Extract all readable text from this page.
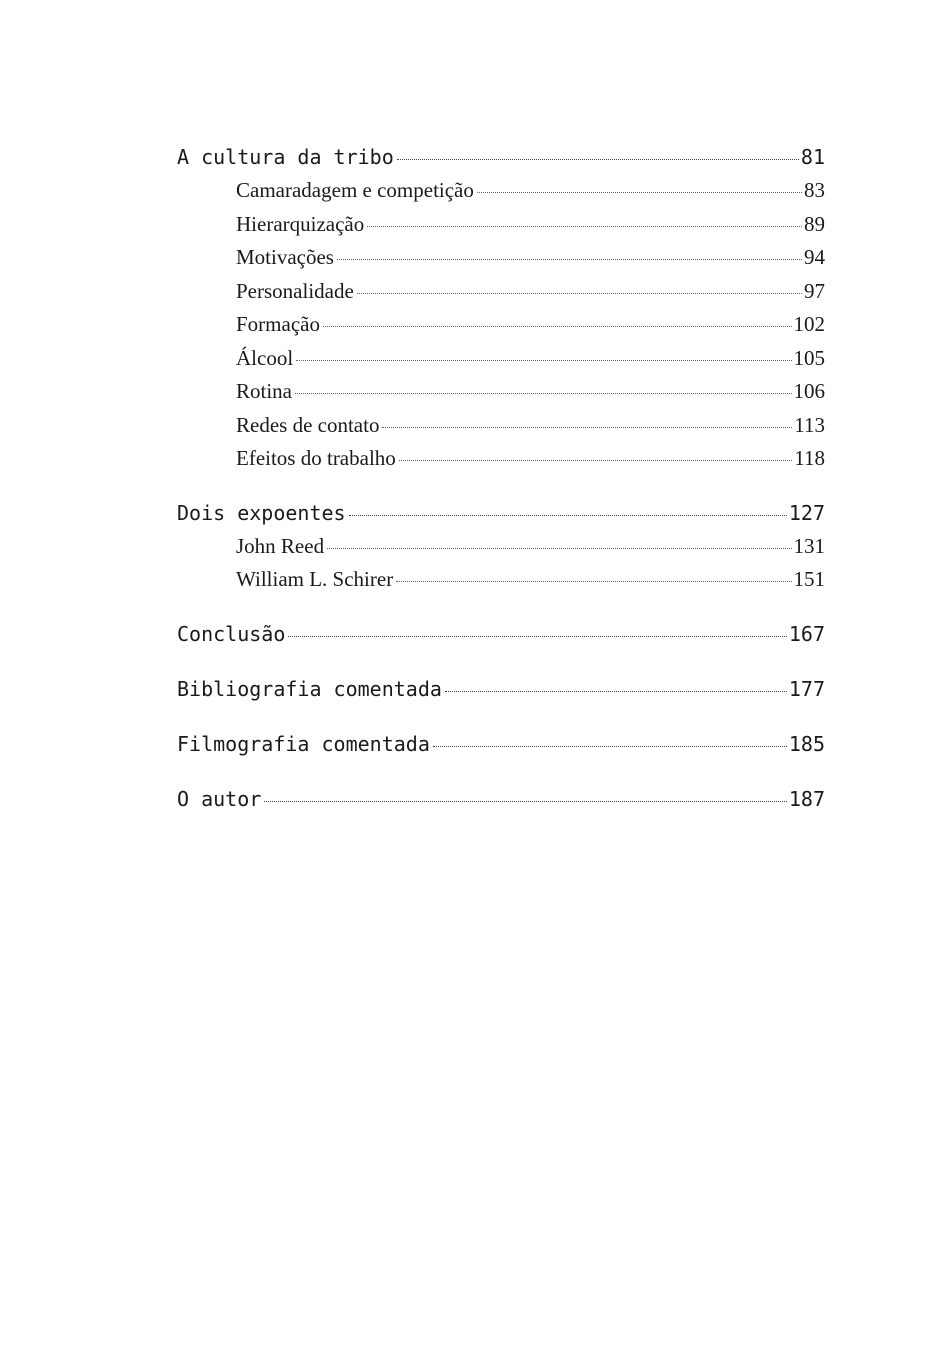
A cultura da tribo	81
Camaradagem e competição	83
Hierarquização	89
Motivações	94
Personalidade	97
Formação	102
Álcool	105
Rotina	106
Redes de contato	113
Efeitos do trabalho	118
Dois expoentes	127
John Reed	131
William L. Schirer	151
Conclusão	167
Bibliografia comentada	177
Filmografia comentada	185
O autor	187
